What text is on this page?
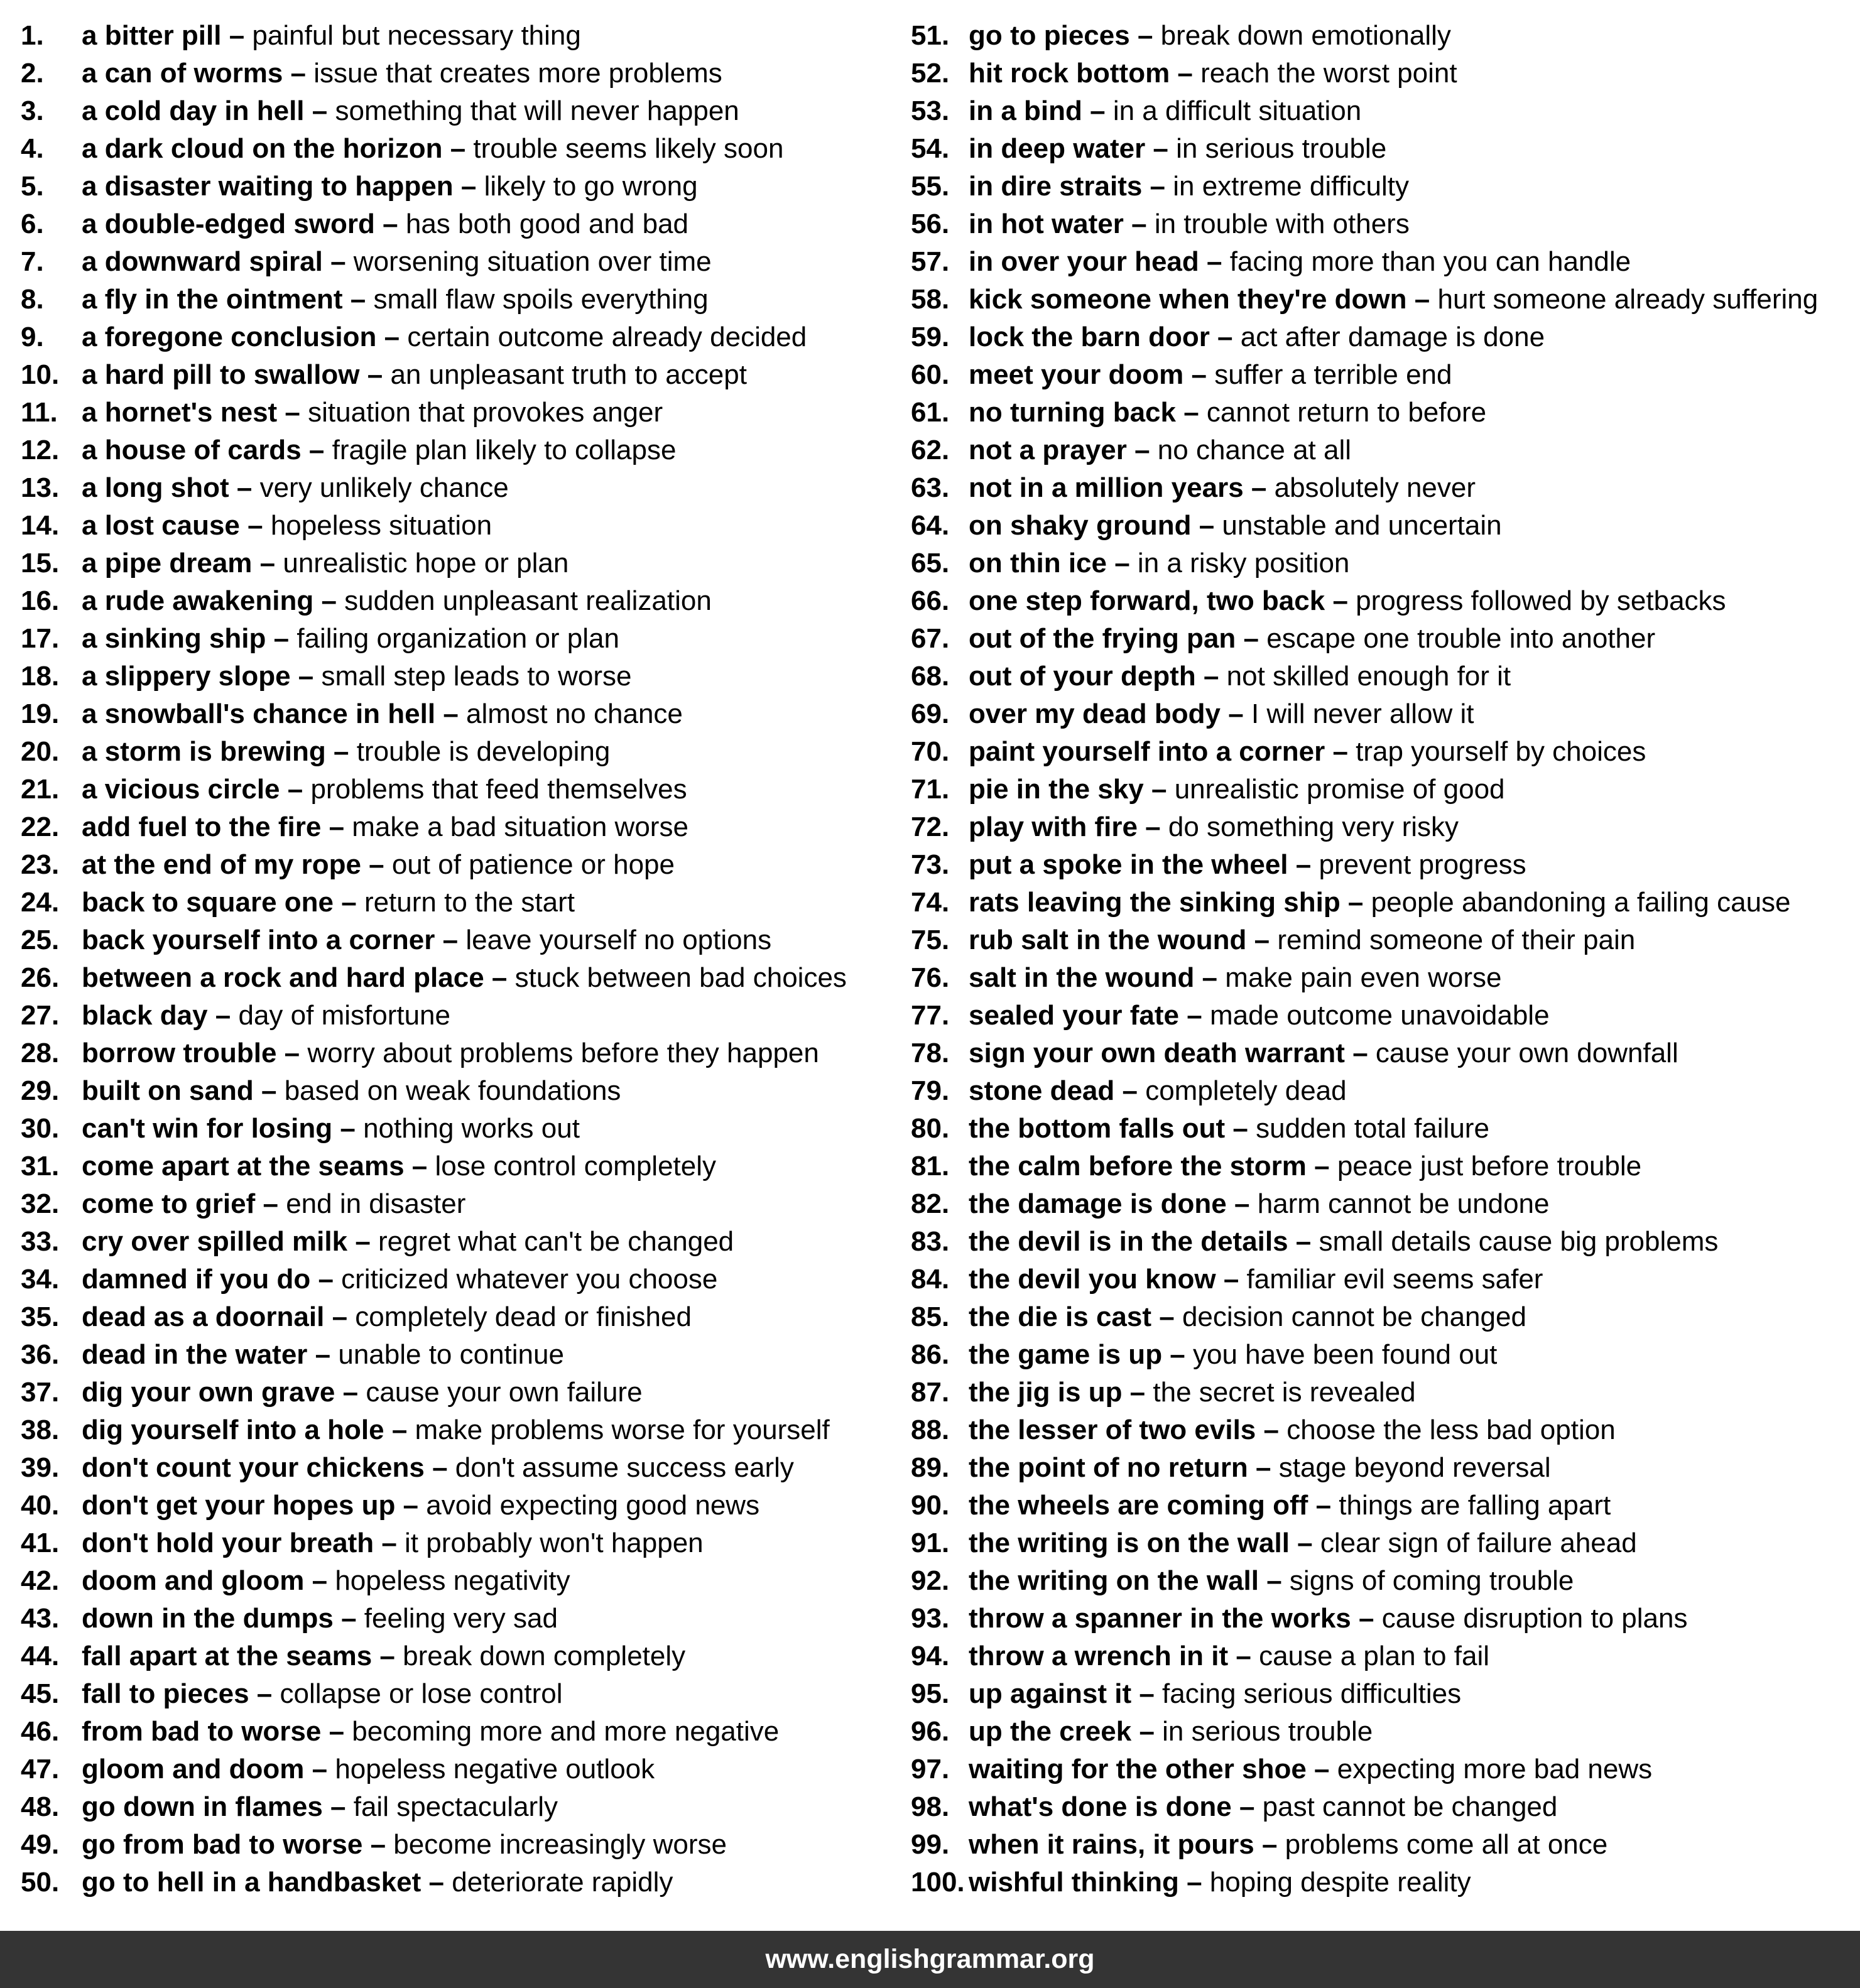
1.	a bitter pill – painful but necessary thing
2.	a can of worms – issue that creates more problems
3.	a cold day in hell – something that will never happen
4.	a dark cloud on the horizon – trouble seems likely soon
5.	a disaster waiting to happen – likely to go wrong
6.	a double-edged sword – has both good and bad
7.	a downward spiral – worsening situation over time
8.	a fly in the ointment – small flaw spoils everything
9.	a foregone conclusion – certain outcome already decided
10. a hard pill to swallow – an unpleasant truth to accept
11. a hornet's nest – situation that provokes anger
12. a house of cards – fragile plan likely to collapse
13. a long shot – very unlikely chance
14. a lost cause – hopeless situation
15. a pipe dream – unrealistic hope or plan
16. a rude awakening – sudden unpleasant realization
17. a sinking ship – failing organization or plan
18. a slippery slope – small step leads to worse
19. a snowball's chance in hell – almost no chance
20. a storm is brewing – trouble is developing
21. a vicious circle – problems that feed themselves
22. add fuel to the fire – make a bad situation worse
23. at the end of my rope – out of patience or hope
24. back to square one – return to the start
25. back yourself into a corner – leave yourself no options
26. between a rock and hard place – stuck between bad choices
27. black day – day of misfortune
28. borrow trouble – worry about problems before they happen
29. built on sand – based on weak foundations
30. can't win for losing – nothing works out
31. come apart at the seams – lose control completely
32. come to grief – end in disaster
33. cry over spilled milk – regret what can't be changed
34. damned if you do – criticized whatever you choose
35. dead as a doornail – completely dead or finished
36. dead in the water – unable to continue
37. dig your own grave – cause your own failure
38. dig yourself into a hole – make problems worse for yourself
39. don't count your chickens – don't assume success early
40. don't get your hopes up – avoid expecting good news
41. don't hold your breath – it probably won't happen
42. doom and gloom – hopeless negativity
43. down in the dumps – feeling very sad
44. fall apart at the seams – break down completely
45. fall to pieces – collapse or lose control
46. from bad to worse – becoming more and more negative
47. gloom and doom – hopeless negative outlook
48. go down in flames – fail spectacularly
49. go from bad to worse – become increasingly worse
50. go to hell in a handbasket – deteriorate rapidly
51. go to pieces – break down emotionally
52. hit rock bottom – reach the worst point
53. in a bind – in a difficult situation
54. in deep water – in serious trouble
55. in dire straits – in extreme difficulty
56. in hot water – in trouble with others
57. in over your head – facing more than you can handle
58. kick someone when they're down – hurt someone already suffering
59. lock the barn door – act after damage is done
60. meet your doom – suffer a terrible end
61. no turning back – cannot return to before
62. not a prayer – no chance at all
63. not in a million years – absolutely never
64. on shaky ground – unstable and uncertain
65. on thin ice – in a risky position
66. one step forward, two back – progress followed by setbacks
67. out of the frying pan – escape one trouble into another
68. out of your depth – not skilled enough for it
69. over my dead body – I will never allow it
70. paint yourself into a corner – trap yourself by choices
71. pie in the sky – unrealistic promise of good
72. play with fire – do something very risky
73. put a spoke in the wheel – prevent progress
74. rats leaving the sinking ship – people abandoning a failing cause
75. rub salt in the wound – remind someone of their pain
76. salt in the wound – make pain even worse
77. sealed your fate – made outcome unavoidable
78. sign your own death warrant – cause your own downfall
79. stone dead – completely dead
80. the bottom falls out – sudden total failure
81. the calm before the storm – peace just before trouble
82. the damage is done – harm cannot be undone
83. the devil is in the details – small details cause big problems
84. the devil you know – familiar evil seems safer
85. the die is cast – decision cannot be changed
86. the game is up – you have been found out
87. the jig is up – the secret is revealed
88. the lesser of two evils – choose the less bad option
89. the point of no return – stage beyond reversal
90. the wheels are coming off – things are falling apart
91. the writing is on the wall – clear sign of failure ahead
92. the writing on the wall – signs of coming trouble
93. throw a spanner in the works – cause disruption to plans
94. throw a wrench in it – cause a plan to fail
95. up against it – facing serious difficulties
96. up the creek – in serious trouble
97. waiting for the other shoe – expecting more bad news
98. what's done is done – past cannot be changed
99. when it rains, it pours – problems come all at once
100. wishful thinking – hoping despite reality
www.englishgrammar.org
